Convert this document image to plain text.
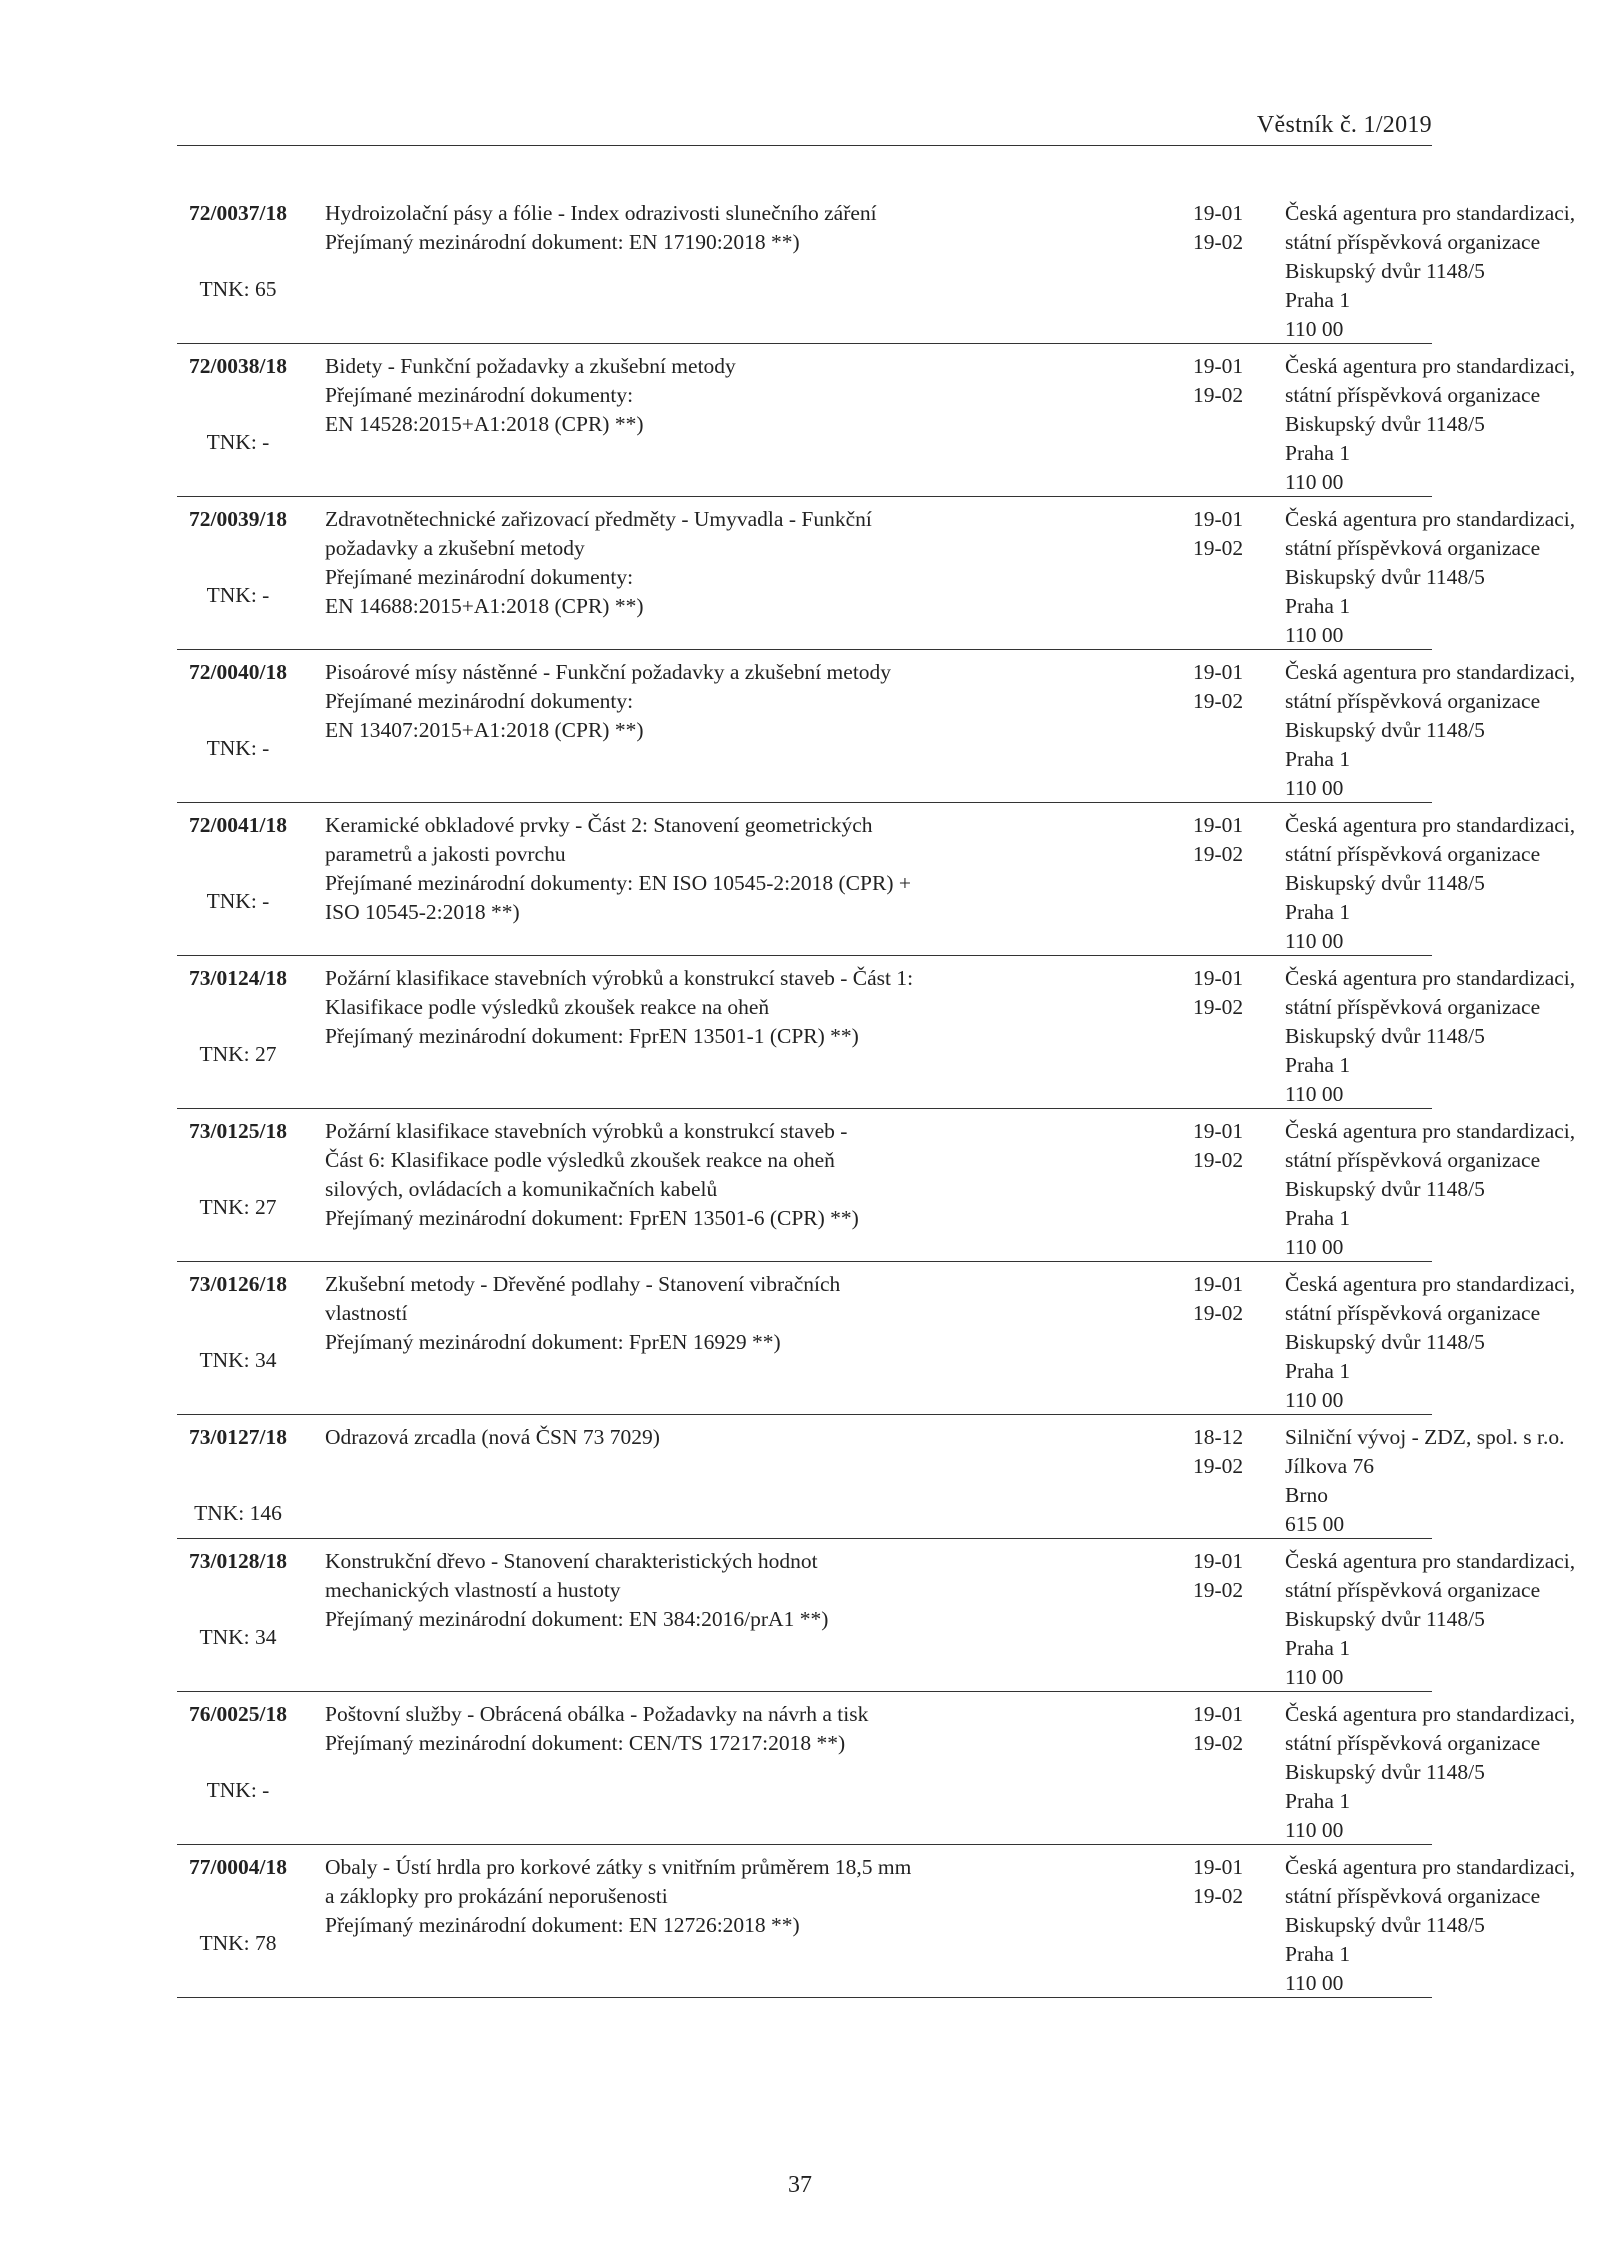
Věstník č. 1/2019
72/0037/18
TNK: 65
Hydroizolační pásy a fólie - Index odrazivosti slunečního záření
Přejímaný mezinárodní dokument: EN 17190:2018 **)
19-01
19-02
Česká agentura pro standardizaci,
státní příspěvková organizace
Biskupský dvůr 1148/5
Praha 1
110 00
72/0038/18
TNK: -
Bidety - Funkční požadavky a zkušební metody
Přejímané mezinárodní dokumenty:
EN 14528:2015+A1:2018 (CPR) **)
19-01
19-02
Česká agentura pro standardizaci,
státní příspěvková organizace
Biskupský dvůr 1148/5
Praha 1
110 00
72/0039/18
TNK: -
Zdravotnětechnické zařizovací předměty - Umyvadla - Funkční
požadavky a zkušební metody
Přejímané mezinárodní dokumenty:
EN 14688:2015+A1:2018 (CPR) **)
19-01
19-02
Česká agentura pro standardizaci,
státní příspěvková organizace
Biskupský dvůr 1148/5
Praha 1
110 00
72/0040/18
TNK: -
Pisoárové mísy nástěnné - Funkční požadavky a zkušební metody
Přejímané mezinárodní dokumenty:
EN 13407:2015+A1:2018 (CPR) **)
19-01
19-02
Česká agentura pro standardizaci,
státní příspěvková organizace
Biskupský dvůr 1148/5
Praha 1
110 00
72/0041/18
TNK: -
Keramické obkladové prvky - Část 2: Stanovení geometrických
parametrů a jakosti povrchu
Přejímané mezinárodní dokumenty: EN ISO 10545-2:2018 (CPR) +
ISO 10545-2:2018 **)
19-01
19-02
Česká agentura pro standardizaci,
státní příspěvková organizace
Biskupský dvůr 1148/5
Praha 1
110 00
73/0124/18
TNK: 27
Požární klasifikace stavebních výrobků a konstrukcí staveb - Část 1:
Klasifikace podle výsledků zkoušek reakce na oheň
Přejímaný mezinárodní dokument: FprEN 13501-1 (CPR) **)
19-01
19-02
Česká agentura pro standardizaci,
státní příspěvková organizace
Biskupský dvůr 1148/5
Praha 1
110 00
73/0125/18
TNK: 27
Požární klasifikace stavebních výrobků a konstrukcí staveb -
Část 6: Klasifikace podle výsledků zkoušek reakce na oheň
silových, ovládacích a komunikačních kabelů
Přejímaný mezinárodní dokument: FprEN 13501-6 (CPR) **)
19-01
19-02
Česká agentura pro standardizaci,
státní příspěvková organizace
Biskupský dvůr 1148/5
Praha 1
110 00
73/0126/18
TNK: 34
Zkušební metody - Dřevěné podlahy - Stanovení vibračních
vlastností
Přejímaný mezinárodní dokument: FprEN 16929 **)
19-01
19-02
Česká agentura pro standardizaci,
státní příspěvková organizace
Biskupský dvůr 1148/5
Praha 1
110 00
73/0127/18
TNK: 146
Odrazová zrcadla (nová ČSN 73 7029)	18-12
19-02
Silniční vývoj - ZDZ, spol. s r.o.
Jílkova 76
Brno
615 00
73/0128/18
TNK: 34
Konstrukční dřevo - Stanovení charakteristických hodnot
mechanických vlastností a hustoty
Přejímaný mezinárodní dokument: EN 384:2016/prA1 **)
19-01
19-02
Česká agentura pro standardizaci,
státní příspěvková organizace
Biskupský dvůr 1148/5
Praha 1
110 00
76/0025/18
TNK: -
Poštovní služby - Obrácená obálka - Požadavky na návrh a tisk
Přejímaný mezinárodní dokument: CEN/TS 17217:2018 **)
19-01
19-02
Česká agentura pro standardizaci,
státní příspěvková organizace
Biskupský dvůr 1148/5
Praha 1
110 00
77/0004/18
TNK: 78
Obaly - Ústí hrdla pro korkové zátky s vnitřním průměrem 18,5 mm
a záklopky pro prokázání neporušenosti
Přejímaný mezinárodní dokument: EN 12726:2018 **)
19-01
19-02
Česká agentura pro standardizaci,
státní příspěvková organizace
Biskupský dvůr 1148/5
Praha 1
110 00
37
